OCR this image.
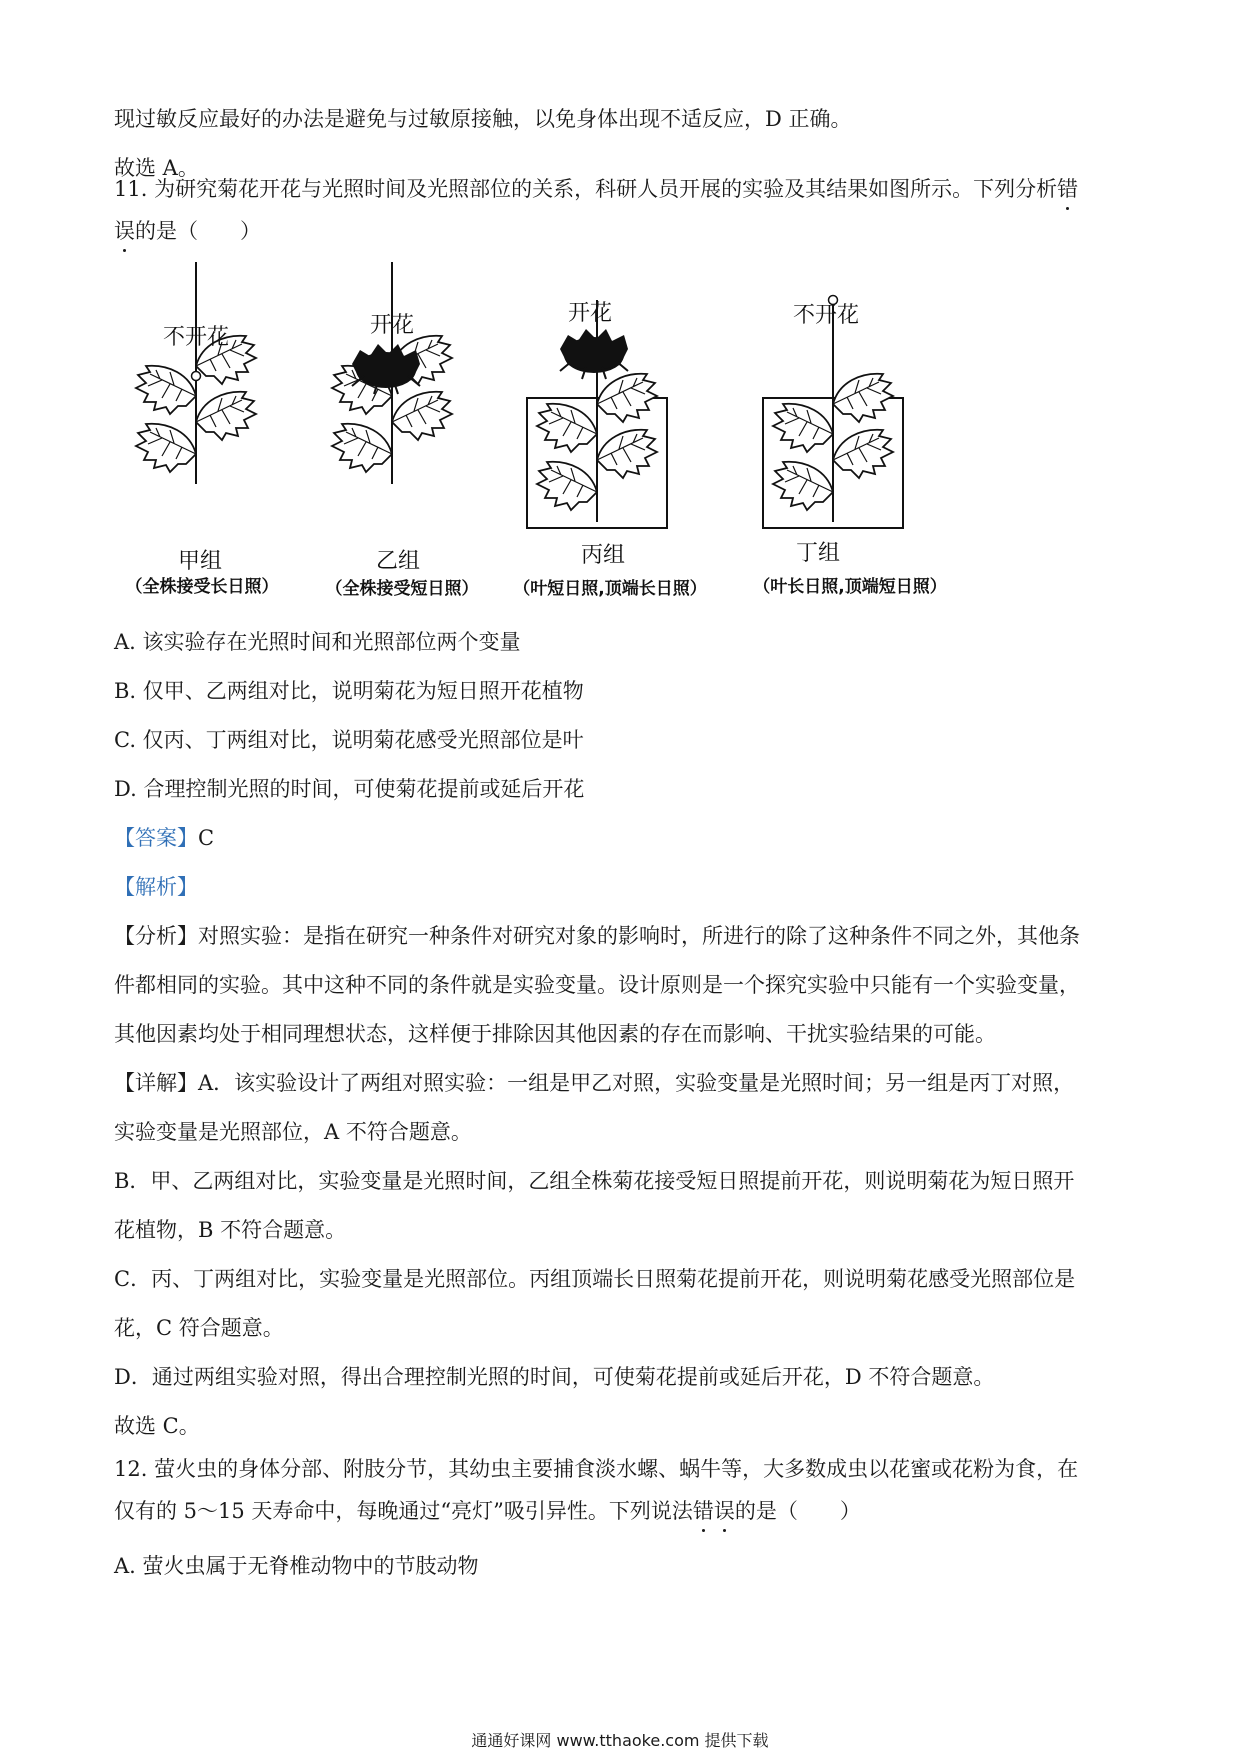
现过敏反应最好的办法是避免与过敏原接触，以免身体出现不适反应，D 正确。
故选 A。
11. 为研究菊花开花与光照时间及光照部位的关系，科研人员开展的实验及其结果如图所示。下列分析错
误的是（　　）
不开花	开花	开花	不开花
甲组	乙组	丙组	丁组
（全株接受长日照）	（全株接受短日照） （叶短日照,顶端长日照）	（叶长日照,顶端短日照）
A. 该实验存在光照时间和光照部位两个变量
B. 仅甲、乙两组对比，说明菊花为短日照开花植物
C. 仅丙、丁两组对比，说明菊花感受光照部位是叶
D. 合理控制光照的时间，可使菊花提前或延后开花
【答案】C
【解析】
【分析】对照实验：是指在研究一种条件对研究对象的影响时，所进行的除了这种条件不同之外，其他条
件都相同的实验。其中这种不同的条件就是实验变量。设计原则是一个探究实验中只能有一个实验变量，
其他因素均处于相同理想状态，这样便于排除因其他因素的存在而影响、干扰实验结果的可能。
【详解】A．该实验设计了两组对照实验：一组是甲乙对照，实验变量是光照时间；另一组是丙丁对照，
实验变量是光照部位，A 不符合题意。
B．甲、乙两组对比，实验变量是光照时间，乙组全株菊花接受短日照提前开花，则说明菊花为短日照开
花植物，B 不符合题意。
C．丙、丁两组对比，实验变量是光照部位。丙组顶端长日照菊花提前开花，则说明菊花感受光照部位是
花，C 符合题意。
D．通过两组实验对照，得出合理控制光照的时间，可使菊花提前或延后开花，D 不符合题意。
故选 C。
12. 萤火虫的身体分部、附肢分节，其幼虫主要捕食淡水螺、蜗牛等，大多数成虫以花蜜或花粉为食，在
仅有的 5～15 天寿命中，每晚通过“亮灯”吸引异性。下列说法错误的是（　　）
A. 萤火虫属于无脊椎动物中的节肢动物
通通好课网 www.tthaoke.com 提供下载
